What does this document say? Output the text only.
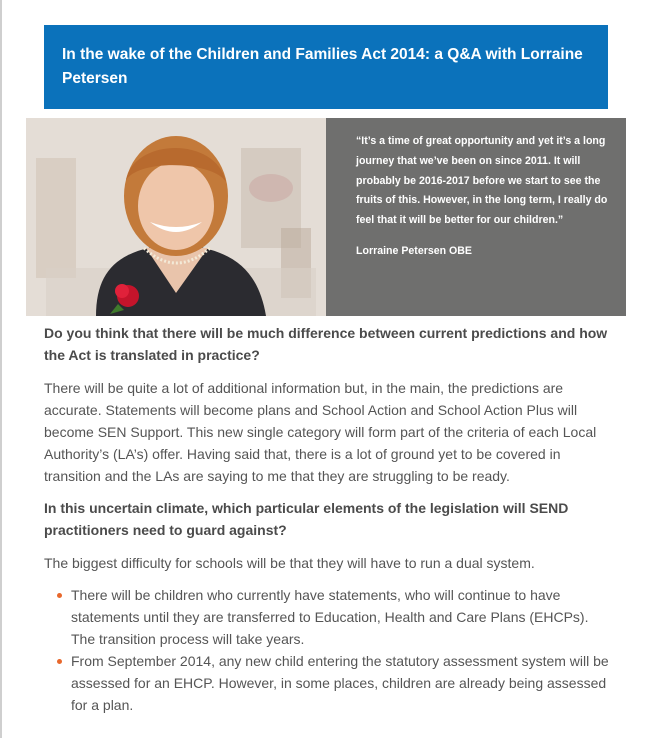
In the wake of the Children and Families Act 2014: a Q&A with Lorraine Petersen

“It’s a time of great opportunity and yet it’s a long journey that we’ve been on since 2011. It will probably be 2016-2017 before we start to see the fruits of this. However, in the long term, I really do feel that it will be better for our children.”

Lorraine Petersen OBE

Do you think that there will be much difference between current predictions and how the Act is translated in practice?

There will be quite a lot of additional information but, in the main, the predictions are accurate. Statements will become plans and School Action and School Action Plus will become SEN Support. This new single category will form part of the criteria of each Local Authority’s (LA’s) offer. Having said that, there is a lot of ground yet to be covered in transition and the LAs are saying to me that they are struggling to be ready.

In this uncertain climate, which particular elements of the legislation will SEND practitioners need to guard against?

The biggest difficulty for schools will be that they will have to run a dual system.

There will be children who currently have statements, who will continue to have statements until they are transferred to Education, Health and Care Plans (EHCPs). The transition process will take years.
From September 2014, any new child entering the statutory assessment system will be assessed for an EHCP. However, in some places, children are already being assessed for a plan.
